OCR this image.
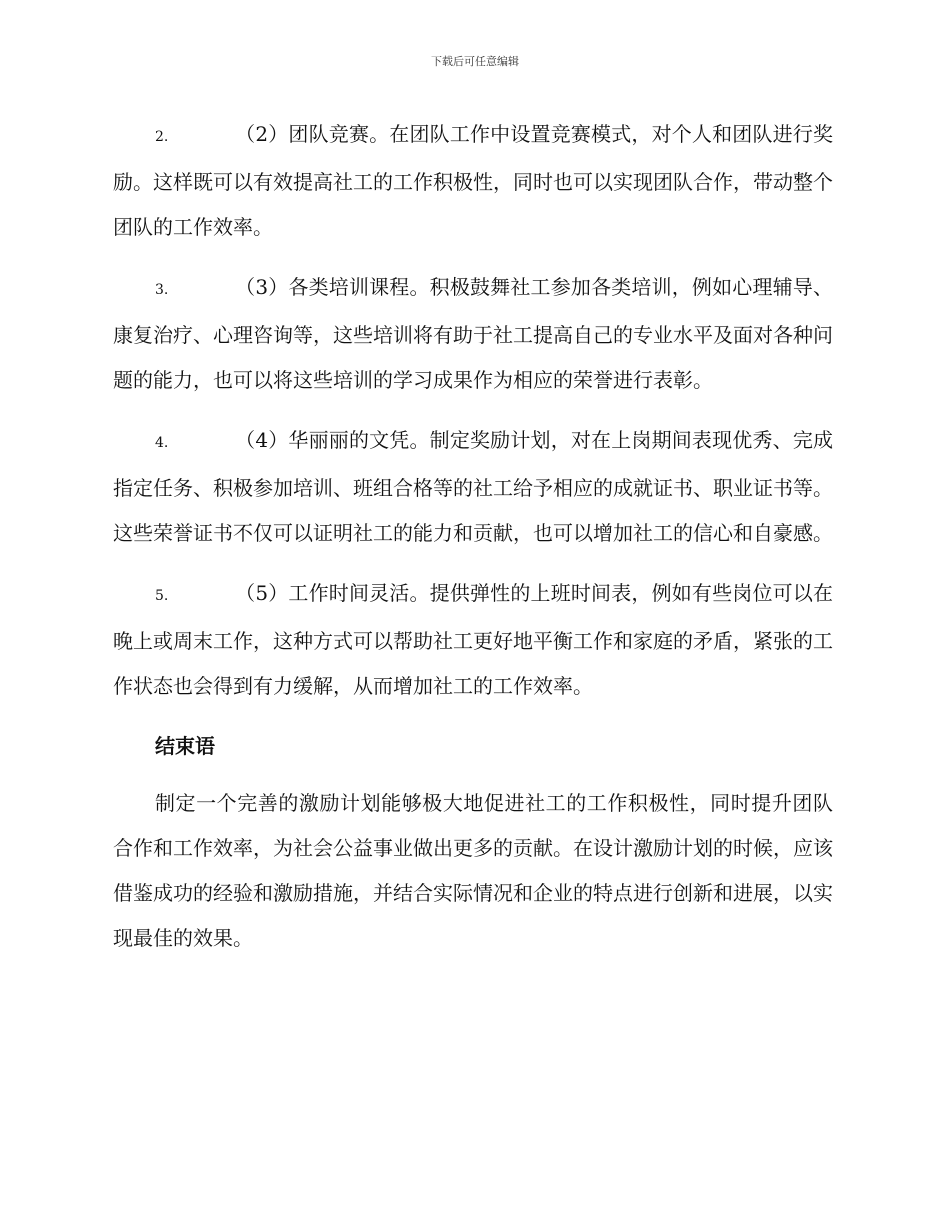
下载后可任意编辑

2.	（2）团队竞赛。在团队工作中设置竞赛模式，对个人和团队进行奖励。这样既可以有效提高社工的工作积极性，同时也可以实现团队合作，带动整个团队的工作效率。

3.	（3）各类培训课程。积极鼓舞社工参加各类培训，例如心理辅导、康复治疗、心理咨询等，这些培训将有助于社工提高自己的专业水平及面对各种问题的能力，也可以将这些培训的学习成果作为相应的荣誉进行表彰。

4.	（4）华丽丽的文凭。制定奖励计划，对在上岗期间表现优秀、完成指定任务、积极参加培训、班组合格等的社工给予相应的成就证书、职业证书等。这些荣誉证书不仅可以证明社工的能力和贡献，也可以增加社工的信心和自豪感。

5.	（5）工作时间灵活。提供弹性的上班时间表，例如有些岗位可以在晚上或周末工作，这种方式可以帮助社工更好地平衡工作和家庭的矛盾，紧张的工作状态也会得到有力缓解，从而增加社工的工作效率。

结束语

制定一个完善的激励计划能够极大地促进社工的工作积极性，同时提升团队合作和工作效率，为社会公益事业做出更多的贡献。在设计激励计划的时候，应该借鉴成功的经验和激励措施，并结合实际情况和企业的特点进行创新和进展，以实现最佳的效果。
